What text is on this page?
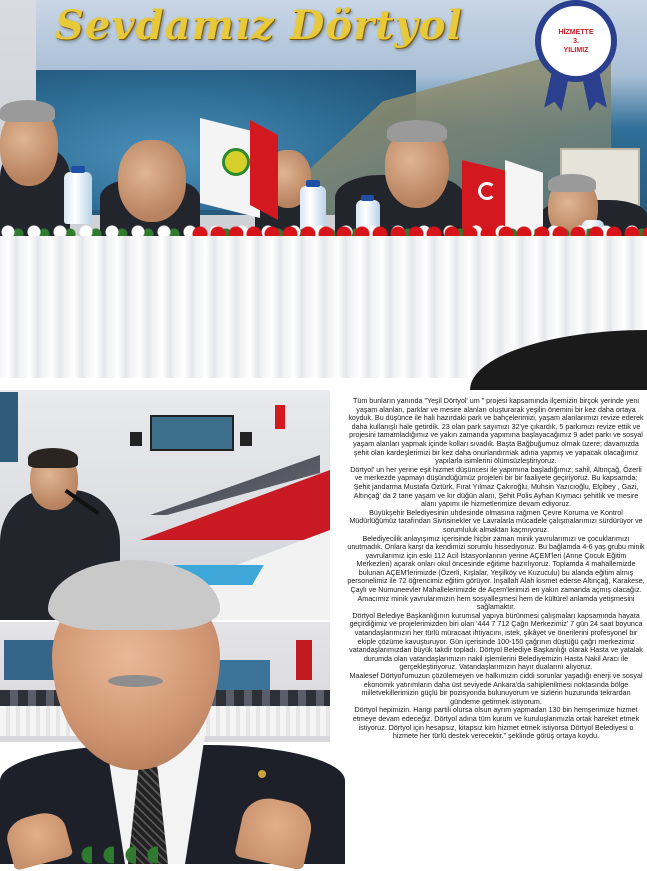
Sevdamız Dörtyol	HİZMETTE
3.
YILIMIZ

Tüm bunların yanında "Yeşil Dörtyol' um " projesi kapsamında ilçemizin birçok yerinde yeni yaşam alanları, parklar ve mesire alanları oluşturarak yeşilin önemini bir kez daha ortaya koyduk. Bu düşünce ile hali hazırdaki park ve bahçelerimizi, yaşam alanlarımızı revize ederek daha kullanışlı hale getirdik. 23 olan park sayımızı 32'ye çıkardık, 5 parkımızı revize ettik ve projesini tamamladığımız ve yakın zamanda yapımına başlayacağımız 9 adet parkı ve sosyal yaşam alanları yapmak içinde kolları sıvadık. Başta Bağbuğumuz olmak üzere; davamızda şehit olan kardeşlerimizi bir kez daha onurlandırmak adına yapmış ve yapacak olacağımız yapılarla isimlerini ölümsüzleştiriyoruz.

Dörtyol' un her yerine eşit hizmet düşüncesi ile yapımına başladığımız; sahil, Altınçağ, Özerli ve merkezde yapmayı düşündüğümüz projeleri bir bir faaliyete geçiriyoruz. Bu kapsamda; Şehit jandarma Mustafa Öztürk, Fırat Yılmaz Çakıroğlu, Muhsin Yazıcıoğlu, Elçibey , Gazi, Altınçağ' da 2 tane yaşam ve kır düğün alanı, Şehit Polis Ayhan Kıymacı şehitlik ve mesire alanı yapımı ile hizmetlerimize devam ediyoruz.

Büyükşehir Belediyesinin uhdesinde olmasına rağmen Çevre Koruma ve Kontrol Müdürlüğümüz tarafından Sivrisinekler ve Lavralarla mücadele çalışmalarımızı sürdürüyor ve sorumluluk almaktan kaçmıyoruz.

Belediyecilik anlayışımız içerisinde hiçbir zaman minik yavrularımızı ve çocuklarımızı unutmadık. Onlara karşı da kendimizi sorumlu hissediyoruz. Bu bağlamda 4-6 yaş grubu minik yavrularımız için eski 112 Acil İstasyonlarının yerine AÇEM'leri (Anne Çocuk Eğitim Merkezleri) açarak onları okul öncesinde eğitime hazırlıyoruz. Toplamda 4 mahallemizde bulunan AÇEM'lerimizde (Özerli, Kışlalar, Yeşilköy ve Kuzuculu) bu alanda eğitim almış personelimiz ile 72 öğrencimiz eğitim görüyor. İnşallah Alah kısmet ederse Altınçağ, Karakese, Çaylı ve Numuneevler Mahallelerimizde de Açem'lerimizi en yakın zamanda açmış olacağız. Amacımız minik yavrularımızın hem sosyalleşmesi hem de kültürel anlamda yetişmesini sağlamaktır.

Dörtyol Belediye Başkanlığının kurumsal yapıya bürünmesi çalışmaları kapsamında hayata geçirdiğimiz ve projelerimizden biri olan '444 7 712 Çağrı Merkezimiz' 7 gün 24 saat boyunca vatandaşlarımızın her türlü müracaat ihtiyacını, istek, şikâyet ve önerilerini profesyonel bir ekiple çözüme kavuşturuyor. Gün içerisinde 100-150 çağrının düştüğü çağrı merkezimiz vatandaşlarımızdan büyük takdir topladı. Dörtyol Belediye Başkanlığı olarak Hasta ve yatalak durumda olan vatandaşlarımızın nakil işlemlerini Belediyemizin Hasta Nakil Aracı ile gerçekleştiriyoruz. Vatandaşlarımızın hayır dualarını alıyoruz.

Maalesef Dörtyol'umuzun çözülemeyen ve halkımızın ciddi sorunlar yaşadığı enerji ve sosyal ekonomik yatırımların daha üst seviyede Ankara'da sahiplenilmesi noktasında bölge milletvekillerimizin güçlü bir pozisyonda bulunuyorum ve sizlerin huzurunda tekrardan gündeme getirmek istiyorum.

Dörtyol hepimizin. Hangi partili olursa olsun ayrım yapmadan 130 bin hemşerimize hizmet etmeye devam edeceğiz. Dörtyol adına tüm kurum ve kuruluşlarımızla ortak hareket etmek istiyoruz. Dörtyol için hesapsız, kitapsız kim hizmet etmek istiyorsa Dörtyol Belediyesi o hizmete her türlü destek verecektir." şeklinde görüş ortaya koydu.
